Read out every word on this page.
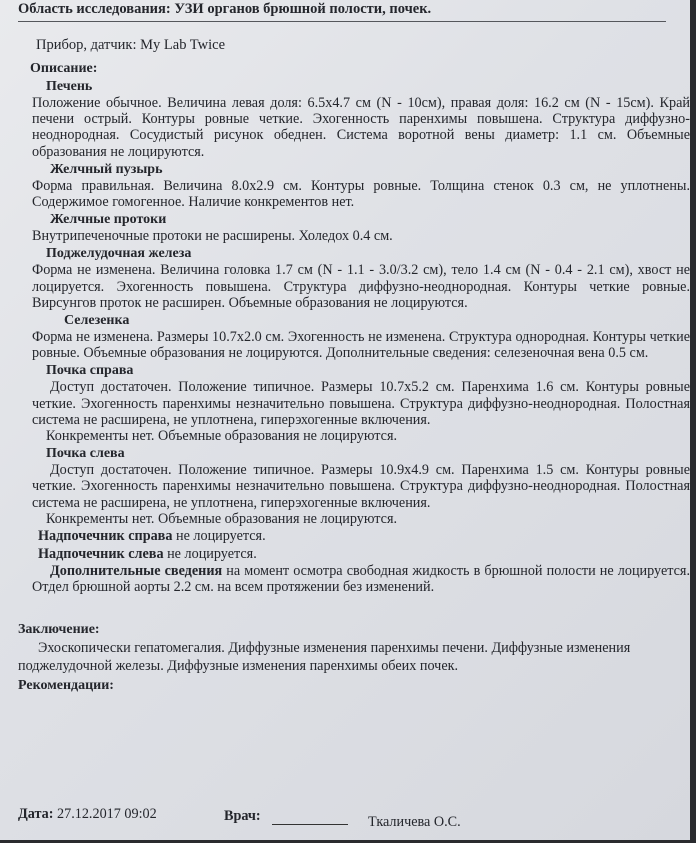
Область исследования: УЗИ органов брюшной полости, почек.
Прибор, датчик: My Lab Twice
Описание:
Печень
Положение обычное. Величина левая доля: 6.5x4.7 см (N - 10см), правая доля: 16.2 см (N - 15см). Край печени острый. Контуры ровные четкие. Эхогенность паренхимы повышена. Структура диффузно-неоднородная. Сосудистый рисунок обеднен. Система воротной вены диаметр: 1.1 см. Объемные образования не лоцируются.
Желчный пузырь
Форма правильная. Величина 8.0x2.9 см. Контуры ровные. Толщина стенок 0.3 см, не уплотнены. Содержимое гомогенное. Наличие конкрементов нет.
Желчные протоки
Внутрипеченочные протоки не расширены. Холедох 0.4 см.
Поджелудочная железа
Форма не изменена. Величина головка 1.7 см (N - 1.1 - 3.0/3.2 см), тело 1.4 см (N - 0.4 - 2.1 см), хвост не лоцируется. Эхогенность повышена. Структура диффузно-неоднородная. Контуры четкие ровные. Вирсунгов проток не расширен. Объемные образования не лоцируются.
Селезенка
Форма не изменена. Размеры 10.7x2.0 см. Эхогенность не изменена. Структура однородная. Контуры четкие ровные. Объемные образования не лоцируются. Дополнительные сведения: селезеночная вена 0.5 см.
Почка справа
Доступ достаточен. Положение типичное. Размеры 10.7x5.2 см. Паренхима 1.6 см. Контуры ровные четкие. Эхогенность паренхимы незначительно повышена. Структура диффузно-неоднородная. Полостная система не расширена, не уплотнена, гиперэхогенные включения.
Конкременты нет. Объемные образования не лоцируются.
Почка слева
Доступ достаточен. Положение типичное. Размеры 10.9x4.9 см. Паренхима 1.5 см. Контуры ровные четкие. Эхогенность паренхимы незначительно повышена. Структура диффузно-неоднородная. Полостная система не расширена, не уплотнена, гиперэхогенные включения.
Конкременты нет. Объемные образования не лоцируются.
Надпочечник справа не лоцируется.
Надпочечник слева не лоцируется.
Дополнительные сведения на момент осмотра свободная жидкость в брюшной полости не лоцируется. Отдел брюшной аорты 2.2 см. на всем протяжении без изменений.
Заключение:
Эхоскопически гепатомегалия. Диффузные изменения паренхимы печени. Диффузные изменения поджелудочной железы. Диффузные изменения паренхимы обеих почек.
Рекомендации:
Дата: 27.12.2017 09:02	Врач:	Ткаличева О.С.
